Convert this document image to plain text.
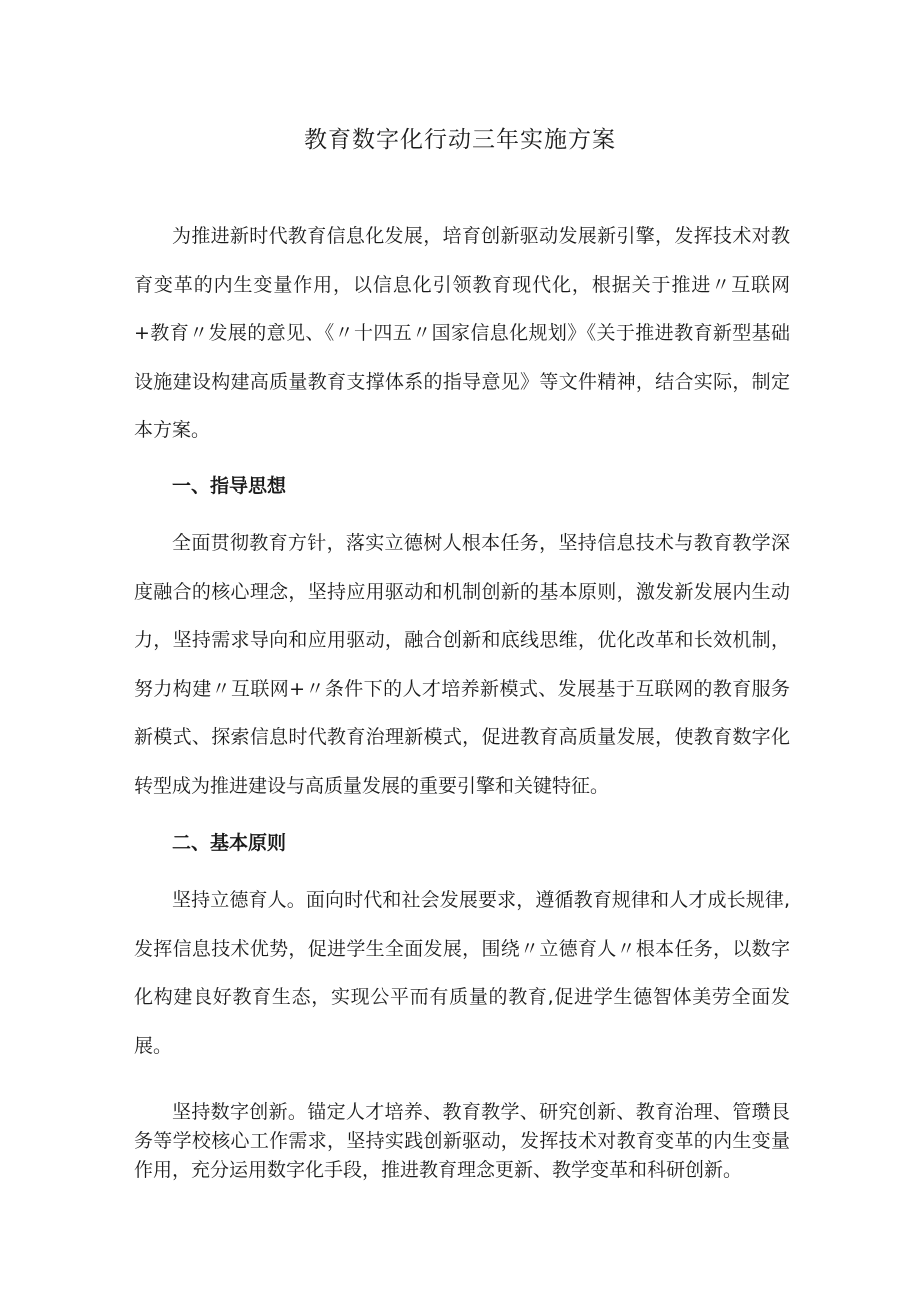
教育数字化行动三年实施方案

为推进新时代教育信息化发展，培育创新驱动发展新引擎，发挥技术对教育变革的内生变量作用，以信息化引领教育现代化，根据关于推进〃互联网+教育〃发展的意见、《〃十四五〃国家信息化规划》《关于推进教育新型基础设施建设构建高质量教育支撑体系的指导意见》等文件精神，结合实际，制定本方案。

一、指导思想

全面贯彻教育方针，落实立德树人根本任务，坚持信息技术与教育教学深度融合的核心理念，坚持应用驱动和机制创新的基本原则，激发新发展内生动力，坚持需求导向和应用驱动，融合创新和底线思维，优化改革和长效机制，努力构建〃互联网+〃条件下的人才培养新模式、发展基于互联网的教育服务新模式、探索信息时代教育治理新模式，促进教育高质量发展，使教育数字化转型成为推进建设与高质量发展的重要引擎和关键特征。

二、基本原则

坚持立德育人。面向时代和社会发展要求，遵循教育规律和人才成长规律,发挥信息技术优势，促进学生全面发展，围绕〃立德育人〃根本任务，以数字化构建良好教育生态，实现公平而有质量的教育,促进学生德智体美劳全面发展。

坚持数字创新。锚定人才培养、教育教学、研究创新、教育治理、管瓒艮务等学校核心工作需求，坚持实践创新驱动，发挥技术对教育变革的内生变量作用，充分运用数字化手段，推进教育理念更新、教学变革和科研创新。
